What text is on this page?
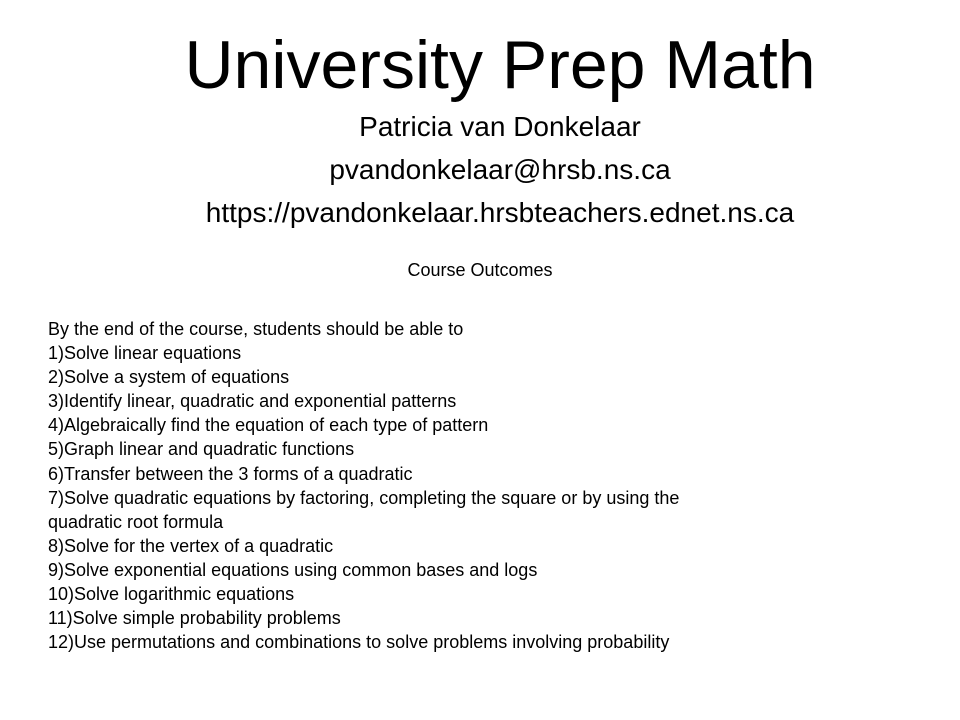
University Prep Math
Patricia van Donkelaar
pvandonkelaar@hrsb.ns.ca
https://pvandonkelaar.hrsbteachers.ednet.ns.ca
Course Outcomes
By the end of the course, students should be able to
1)Solve linear equations
2)Solve a system of equations
3)Identify linear, quadratic and exponential patterns
4)Algebraically find the equation of each type of pattern
5)Graph linear and quadratic functions
6)Transfer between the 3 forms of a quadratic
7)Solve quadratic equations by factoring, completing the square or by using the
quadratic root formula
8)Solve for the vertex of a quadratic
9)Solve exponential equations using common bases and logs
10)Solve logarithmic equations
11)Solve simple probability problems
12)Use permutations and combinations to solve problems involving probability
